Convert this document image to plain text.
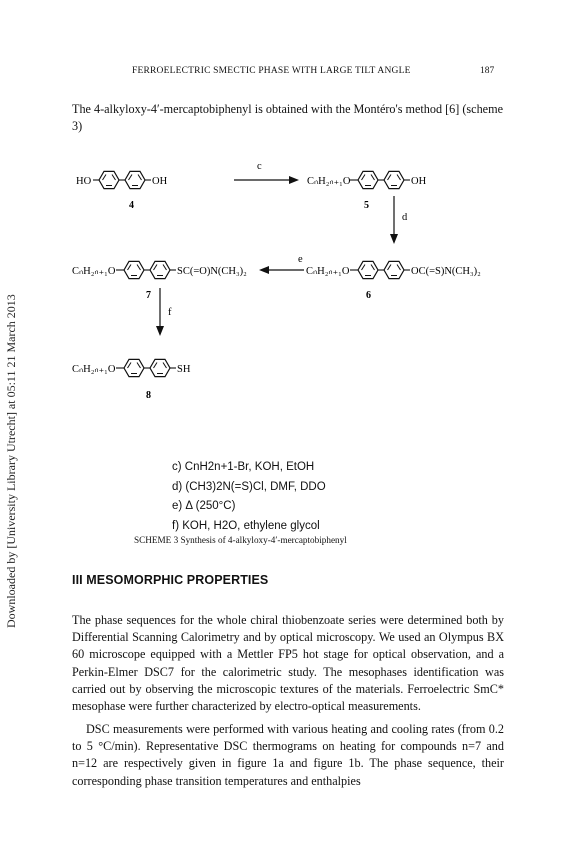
FERROELECTRIC SMECTIC PHASE WITH LARGE TILT ANGLE	187
Downloaded by [University Library Utrecht] at 05:11 21 March 2013
The 4-alkyloxy-4′-mercaptobiphenyl is obtained with the Montéro's method [6] (scheme 3)
HO	OH
4
c
CₙH₂ₙ₊₁O	OH
5
d
CₙH₂ₙ₊₁O	SC(=O)N(CH₃)₂
7
e
CₙH₂ₙ₊₁O	OC(=S)N(CH₃)₂
6
f
CₙH₂ₙ₊₁O	SH
8
c) CnH2n+1-Br, KOH, EtOH
d) (CH3)2N(=S)Cl, DMF, DDO
e) Δ (250°C)
f) KOH, H2O, ethylene glycol
SCHEME 3 Synthesis of 4-alkyloxy-4′-mercaptobiphenyl
III MESOMORPHIC PROPERTIES
The phase sequences for the whole chiral thiobenzoate series were determined both by Differential Scanning Calorimetry and by optical microscopy. We used an Olympus BX 60 microscope equipped with a Mettler FP5 hot stage for optical observation, and a Perkin-Elmer DSC7 for the calorimetric study. The mesophases identification was carried out by observing the microscopic textures of the materials. Ferroelectric SmC* mesophase were further characterized by electro-optical measurements.
DSC measurements were performed with various heating and cooling rates (from 0.2 to 5 °C/min). Representative DSC thermograms on heating for compounds n=7 and n=12 are respectively given in figure 1a and figure 1b. The phase sequence, their corresponding phase transition temperatures and enthalpies
